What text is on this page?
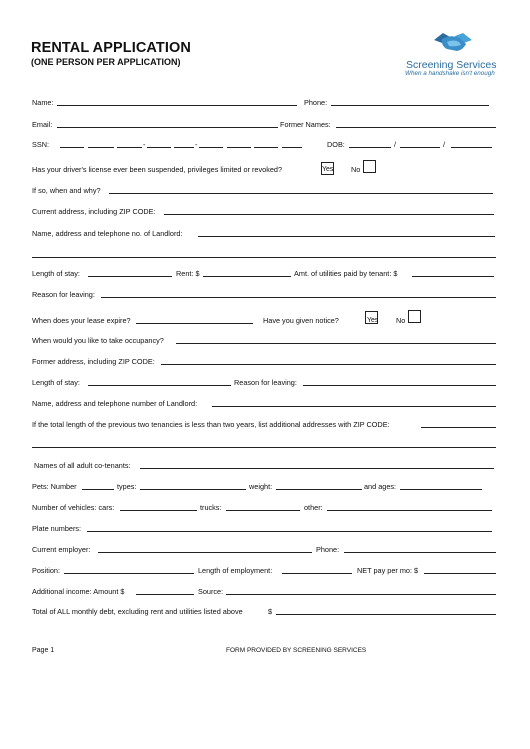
RENTAL APPLICATION
(ONE PERSON PER APPLICATION)	Screening Services
When a handshake isn't enough
Name:	Phone:
Email:	Former Names:
SSN:	-	-	DOB:	/	/
Has your driver's license ever been suspended, privileges limited or revoked?	Yes No
If so, when and why?
Current address, including ZIP CODE:
Name, address and telephone no. of Landlord:
Length of stay:	Rent: $	Amt. of utilities paid by tenant: $
Reason for leaving:
When does your lease expire?	Have you given notice?	Yes No
When would you like to take occupancy?
Former address, including ZIP CODE:
Length of stay:	Reason for leaving:
Name, address and telephone number of Landlord:
If the total length of the previous two tenancies is less than two years, list additional addresses with ZIP CODE:
Names of all adult co-tenants:
Pets: Number	types:	weight:	and ages:
Number of vehicles: cars:	trucks:	other:
Plate numbers:
Current employer:	Phone:
Position:	Length of employment:	NET pay per mo: $
Additional income: Amount $	Source:
Total of ALL monthly debt, excluding rent and utilities listed above	$
Page 1	FORM PROVIDED BY SCREENING SERVICES
